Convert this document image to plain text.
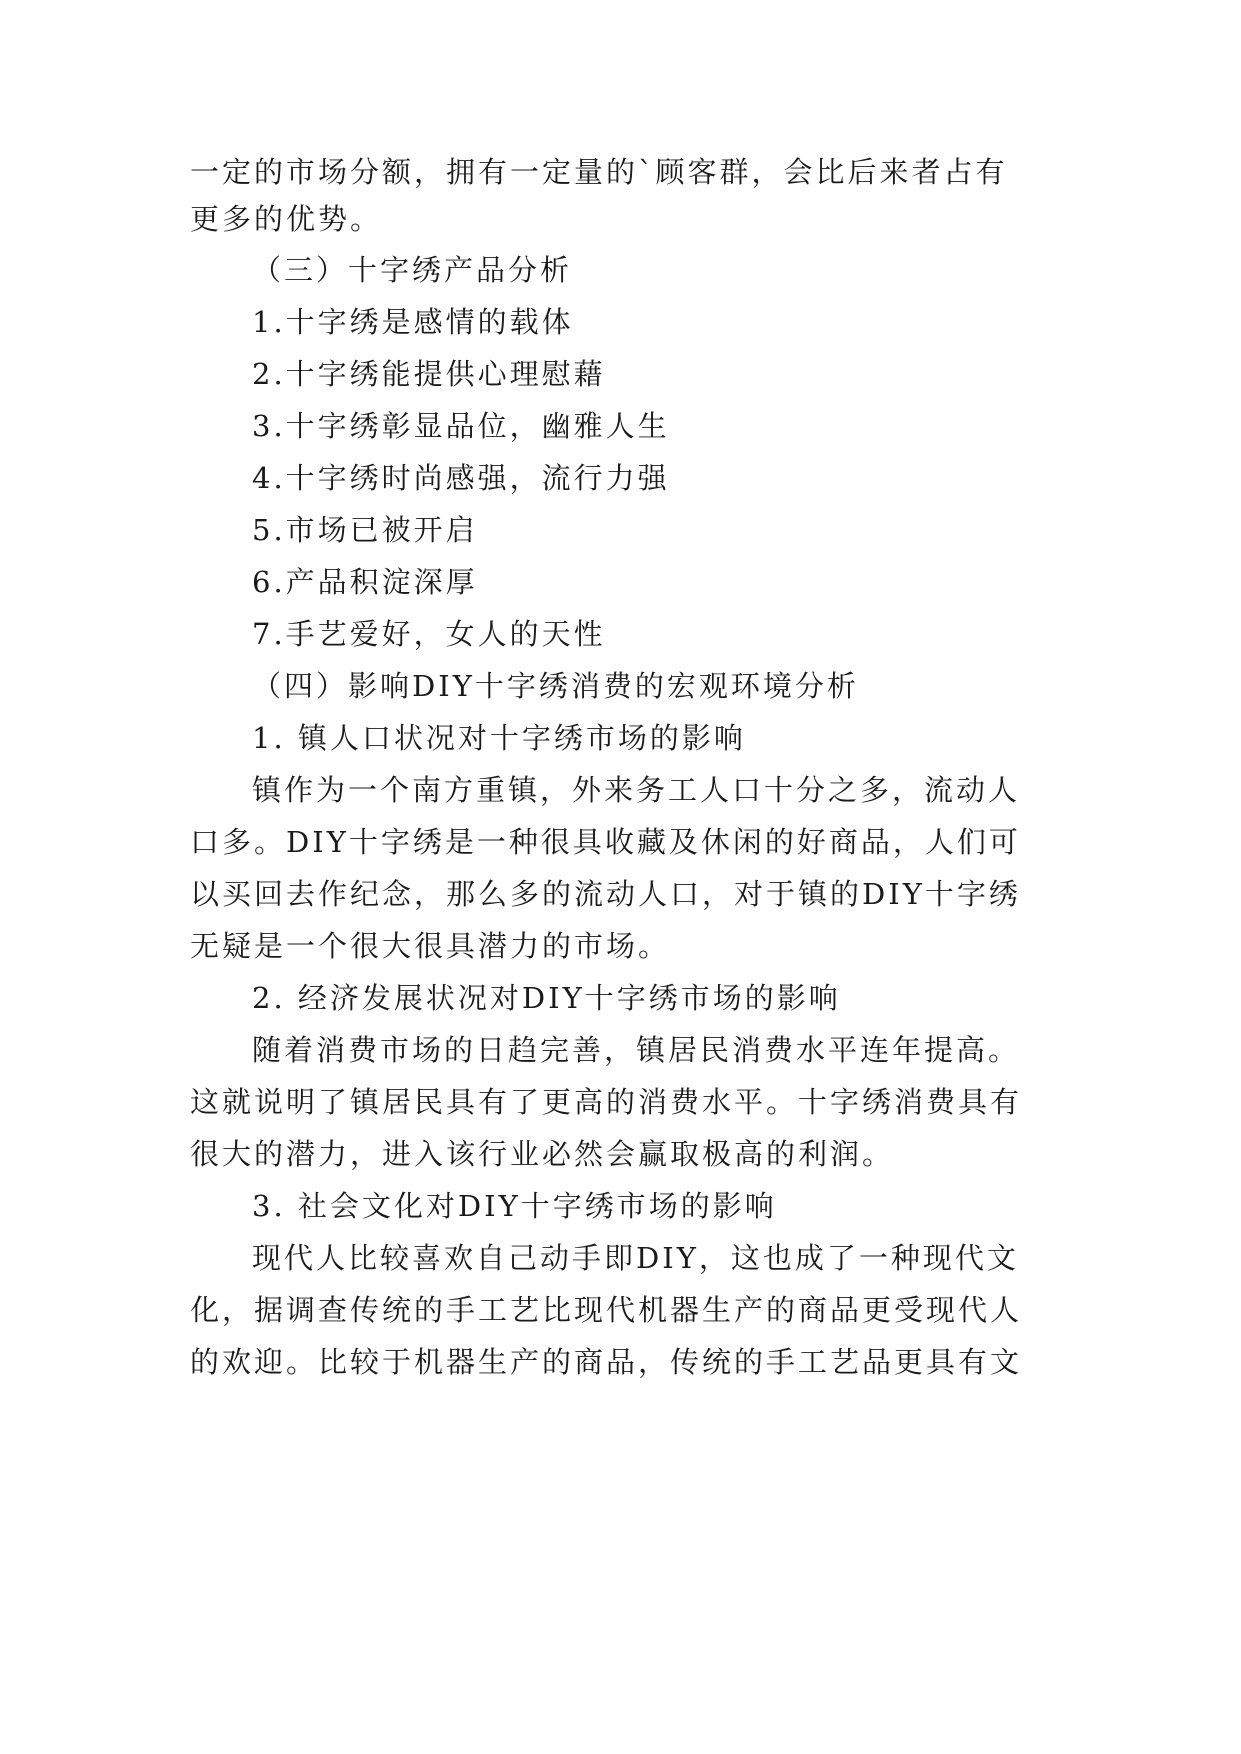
一定的市场分额，拥有一定量的`顾客群，会比后来者占有
更多的优势。
（三）十字绣产品分析
1.十字绣是感情的载体
2.十字绣能提供心理慰藉
3.十字绣彰显品位，幽雅人生
4.十字绣时尚感强，流行力强
5.市场已被开启
6.产品积淀深厚
7.手艺爱好，女人的天性
（四）影响DIY十字绣消费的宏观环境分析
1. 镇人口状况对十字绣市场的影响
镇作为一个南方重镇，外来务工人口十分之多，流动人
口多。DIY十字绣是一种很具收藏及休闲的好商品，人们可
以买回去作纪念，那么多的流动人口，对于镇的DIY十字绣
无疑是一个很大很具潜力的市场。
2. 经济发展状况对DIY十字绣市场的影响
随着消费市场的日趋完善，镇居民消费水平连年提高。
这就说明了镇居民具有了更高的消费水平。十字绣消费具有
很大的潜力，进入该行业必然会赢取极高的利润。
3. 社会文化对DIY十字绣市场的影响
现代人比较喜欢自己动手即DIY，这也成了一种现代文
化，据调查传统的手工艺比现代机器生产的商品更受现代人
的欢迎。比较于机器生产的商品，传统的手工艺品更具有文
